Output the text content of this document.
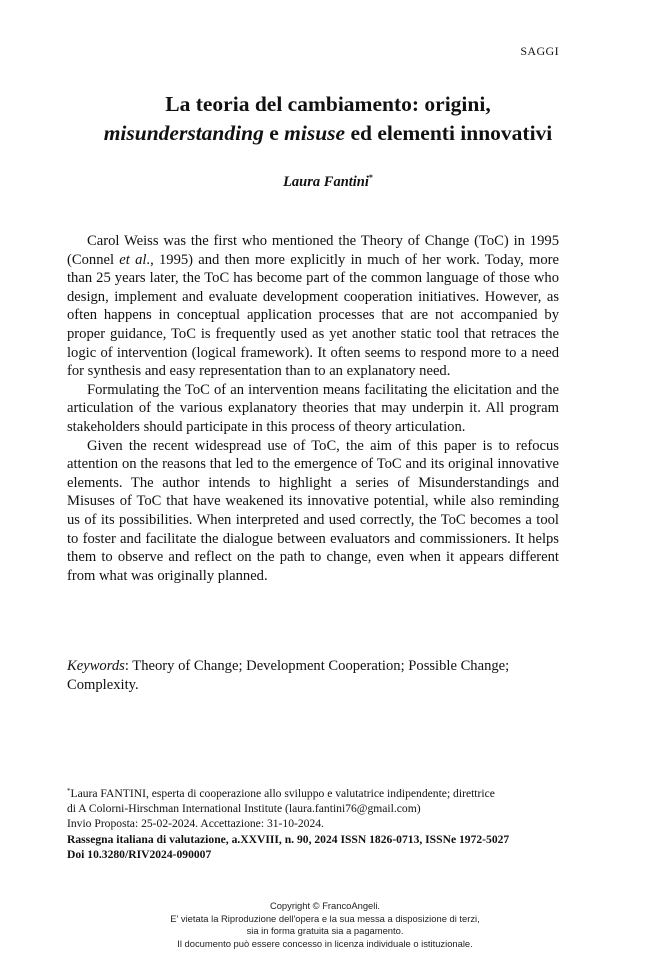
SAGGI
La teoria del cambiamento: origini,
misunderstanding e misuse ed elementi innovativi
Laura Fantini*

Carol Weiss was the first who mentioned the Theory of Change (ToC) in 1995 (Connel et al., 1995) and then more explicitly in much of her work. Today, more than 25 years later, the ToC has become part of the common language of those who design, implement and evaluate development cooperation initiatives. However, as often happens in conceptual application processes that are not accompanied by proper guidance, ToC is frequently used as yet another static tool that retraces the logic of intervention (logical framework). It often seems to respond more to a need for synthesis and easy representation than to an explanatory need.

Formulating the ToC of an intervention means facilitating the elicitation and the articulation of the various explanatory theories that may underpin it. All program stakeholders should participate in this process of theory articulation.

Given the recent widespread use of ToC, the aim of this paper is to refocus attention on the reasons that led to the emergence of ToC and its original innovative elements. The author intends to highlight a series of Misunderstandings and Misuses of ToC that have weakened its innovative potential, while also reminding us of its possibilities. When interpreted and used correctly, the ToC becomes a tool to foster and facilitate the dialogue between evaluators and commissioners. It helps them to observe and reflect on the path to change, even when it appears different from what was originally planned.

Keywords: Theory of Change; Development Cooperation; Possible Change; Complexity.
*Laura FANTINI, esperta di cooperazione allo sviluppo e valutatrice indipendente; direttrice
di A Colorni-Hirschman International Institute (laura.fantini76@gmail.com)
Invio Proposta: 25-02-2024. Accettazione: 31-10-2024.
Rassegna italiana di valutazione, a.XXVIII, n. 90, 2024 ISSN 1826-0713, ISSNe 1972-5027
Doi 10.3280/RIV2024-090007
Copyright © FrancoAngeli.
E' vietata la Riproduzione dell'opera e la sua messa a disposizione di terzi,
sia in forma gratuita sia a pagamento.
Il documento può essere concesso in licenza individuale o istituzionale.
